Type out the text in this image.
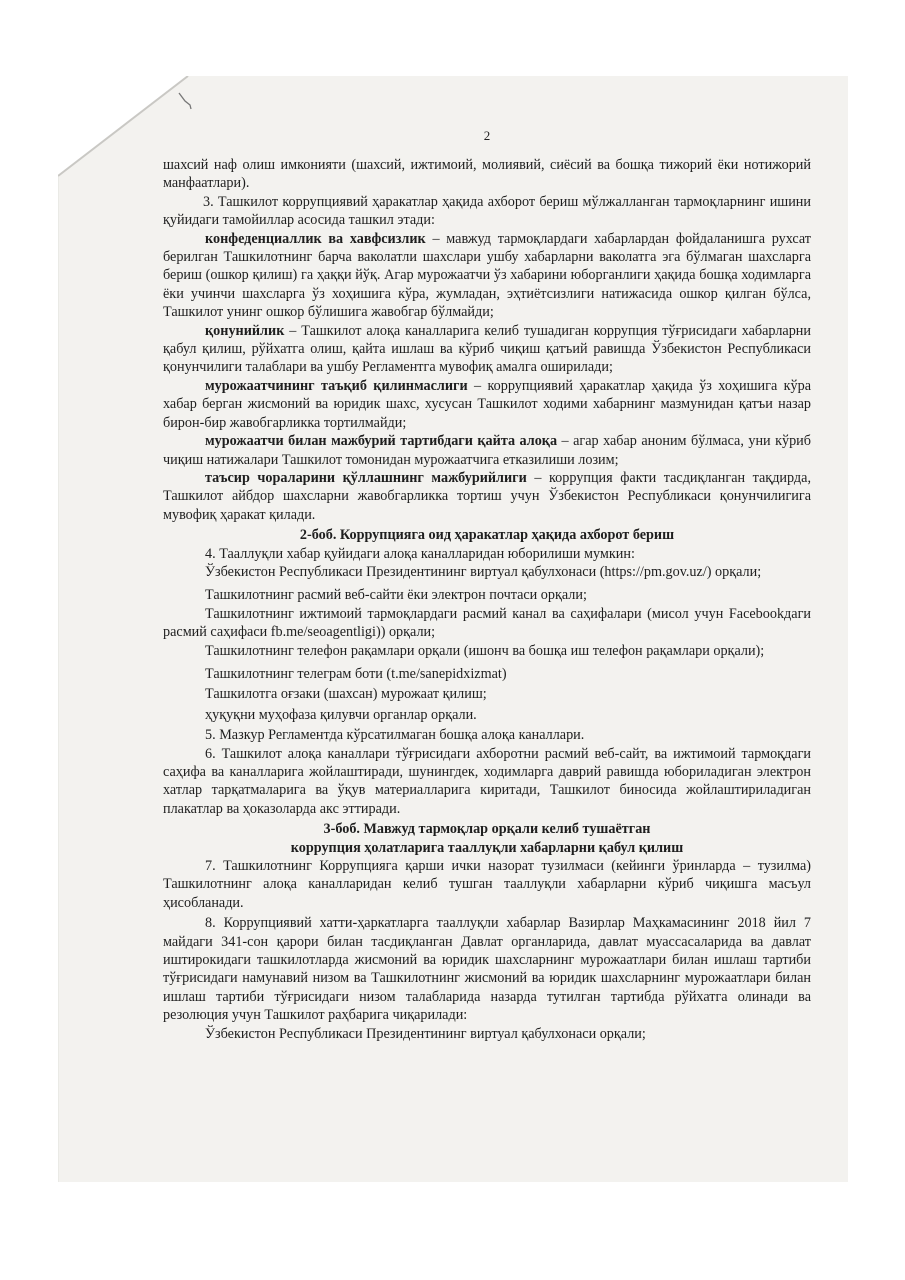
2

шахсий наф олиш имконияти (шахсий, ижтимоий, молиявий, сиёсий ва бошқа тижорий ёки нотижорий манфаатлари).

3. Ташкилот коррупциявий ҳаракатлар ҳақида ахборот бериш мўлжалланган тармоқларнинг ишини қуйидаги тамойиллар асосида ташкил этади:

конфеденциаллик ва хавфсизлик – мавжуд тармоқлардаги хабарлардан фойдаланишга рухсат берилган Ташкилотнинг барча ваколатли шахслари ушбу хабарларни ваколатга эга бўлмаган шахсларга бериш (ошкор қилиш) га ҳаққи йўқ. Агар мурожаатчи ўз хабарини юборганлиги ҳақида бошқа ходимларга ёки учинчи шахсларга ўз хоҳишига кўра, жумладан, эҳтиётсизлиги натижасида ошкор қилган бўлса, Ташкилот унинг ошкор бўлишига жавобгар бўлмайди;

қонунийлик – Ташкилот алоқа каналларига келиб тушадиган коррупция тўғрисидаги хабарларни қабул қилиш, рўйхатга олиш, қайта ишлаш ва кўриб чиқиш қатъий равишда Ўзбекистон Республикаси қонунчилиги талаблари ва ушбу Регламентга мувофиқ амалга оширилади;

мурожаатчининг таъқиб қилинмаслиги – коррупциявий ҳаракатлар ҳақида ўз хоҳишига кўра хабар берган жисмоний ва юридик шахс, хусусан Ташкилот ходими хабарнинг мазмунидан қатъи назар бирон-бир жавобгарликка тортилмайди;

мурожаатчи билан мажбурий тартибдаги қайта алоқа – агар хабар аноним бўлмаса, уни кўриб чиқиш натижалари Ташкилот томонидан мурожаатчига етказилиши лозим;

таъсир чораларини қўллашнинг мажбурийлиги – коррупция факти тасдиқланган тақдирда, Ташкилот айбдор шахсларни жавобгарликка тортиш учун Ўзбекистон Республикаси қонунчилигига мувофиқ ҳаракат қилади.

2-боб. Коррупцияга оид ҳаракатлар ҳақида ахборот бериш

4. Тааллуқли хабар қуйидаги алоқа каналларидан юборилиши мумкин:

Ўзбекистон Республикаси Президентининг виртуал қабулхонаси (https://pm.gov.uz/) орқали;

Ташкилотнинг расмий веб-сайти ёки электрон почтаси орқали;

Ташкилотнинг ижтимоий тармоқлардаги расмий канал ва саҳифалари (мисол учун Facebookдаги расмий саҳифаси fb.me/seoagentligi)) орқали;

Ташкилотнинг телефон рақамлари орқали (ишонч ва бошқа иш телефон рақамлари орқали);

Ташкилотнинг телеграм боти (t.me/sanepidxizmat)

Ташкилотга оғзаки (шахсан) мурожаат қилиш;

ҳуқуқни муҳофаза қилувчи органлар орқали.

5. Мазкур Регламентда кўрсатилмаган бошқа алоқа каналлари.

6. Ташкилот алоқа каналлари тўғрисидаги ахборотни расмий веб-сайт, ва ижтимоий тармоқдаги саҳифа ва каналларига жойлаштиради, шунингдек, ходимларга даврий равишда юбориладиган электрон хатлар тарқатмаларига ва ўқув материалларига киритади, Ташкилот биносида жойлаштириладиган плакатлар ва ҳоказоларда акс эттиради.

3-боб. Мавжуд тармоқлар орқали келиб тушаётган

коррупция ҳолатларига тааллуқли хабарларни қабул қилиш

7. Ташкилотнинг Коррупцияга қарши ички назорат тузилмаси (кейинги ўринларда – тузилма) Ташкилотнинг алоқа каналларидан келиб тушган тааллуқли хабарларни кўриб чиқишга масъул ҳисобланади.

8. Коррупциявий хатти-ҳаркатларга тааллуқли хабарлар Вазирлар Маҳкамасининг 2018 йил 7 майдаги 341-сон қарори билан тасдиқланган Давлат органларида, давлат муассасаларида ва давлат иштирокидаги ташкилотларда жисмоний ва юридик шахсларнинг мурожаатлари билан ишлаш тартиби тўғрисидаги намунавий низом ва Ташкилотнинг жисмоний ва юридик шахсларнинг мурожаатлари билан ишлаш тартиби тўғрисидаги низом талабларида назарда тутилган тартибда рўйхатга олинади ва резолюция учун Ташкилот раҳбарига чиқарилади:

Ўзбекистон Республикаси Президентининг виртуал қабулхонаси орқали;
